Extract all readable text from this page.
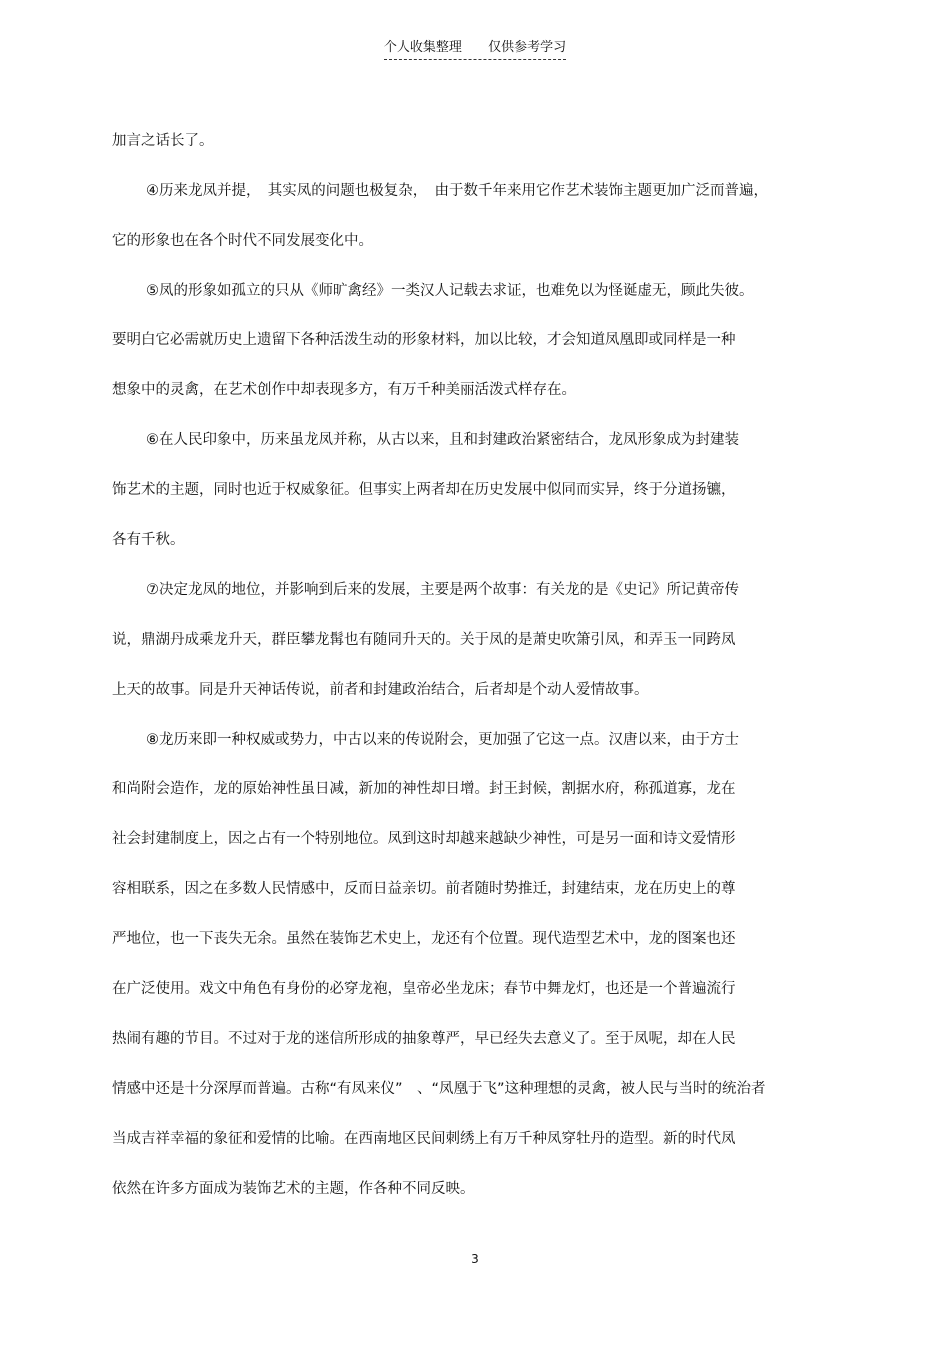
个人收集整理 仅供参考学习
加言之话长了。
④历来龙凤并提，　其实凤的问题也极复杂，　由于数千年来用它作艺术装饰主题更加广泛而普遍，
它的形象也在各个时代不同发展变化中。
⑤凤的形象如孤立的只从《师旷禽经》一类汉人记载去求证，也难免以为怪诞虚无，顾此失彼。
要明白它必需就历史上遗留下各种活泼生动的形象材料，加以比较，才会知道凤凰即或同样是一种
想象中的灵禽，在艺术创作中却表现多方，有万千种美丽活泼式样存在。
⑥在人民印象中，历来虽龙凤并称，从古以来，且和封建政治紧密结合，龙凤形象成为封建装
饰艺术的主题，同时也近于权威象征。但事实上两者却在历史发展中似同而实异，终于分道扬镳，
各有千秋。
⑦决定龙凤的地位，并影响到后来的发展，主要是两个故事：有关龙的是《史记》所记黄帝传
说，鼎湖丹成乘龙升天，群臣攀龙髯也有随同升天的。关于凤的是萧史吹箫引凤，和弄玉一同跨凤
上天的故事。同是升天神话传说，前者和封建政治结合，后者却是个动人爱情故事。
⑧龙历来即一种权威或势力，中古以来的传说附会，更加强了它这一点。汉唐以来，由于方士
和尚附会造作，龙的原始神性虽日减，新加的神性却日增。封王封候，割据水府，称孤道寡，龙在
社会封建制度上，因之占有一个特别地位。凤到这时却越来越缺少神性，可是另一面和诗文爱情形
容相联系，因之在多数人民情感中，反而日益亲切。前者随时势推迁，封建结束，龙在历史上的尊
严地位，也一下丧失无余。虽然在装饰艺术史上，龙还有个位置。现代造型艺术中，龙的图案也还
在广泛使用。戏文中角色有身份的必穿龙袍，皇帝必坐龙床；春节中舞龙灯，也还是一个普遍流行
热闹有趣的节目。不过对于龙的迷信所形成的抽象尊严，早已经失去意义了。至于凤呢，却在人民
情感中还是十分深厚而普遍。古称“有凤来仪”　、“凤凰于飞”这种理想的灵禽，被人民与当时的统治者
当成吉祥幸福的象征和爱情的比喻。在西南地区民间刺绣上有万千种凤穿牡丹的造型。新的时代凤
依然在许多方面成为装饰艺术的主题，作各种不同反映。
3
